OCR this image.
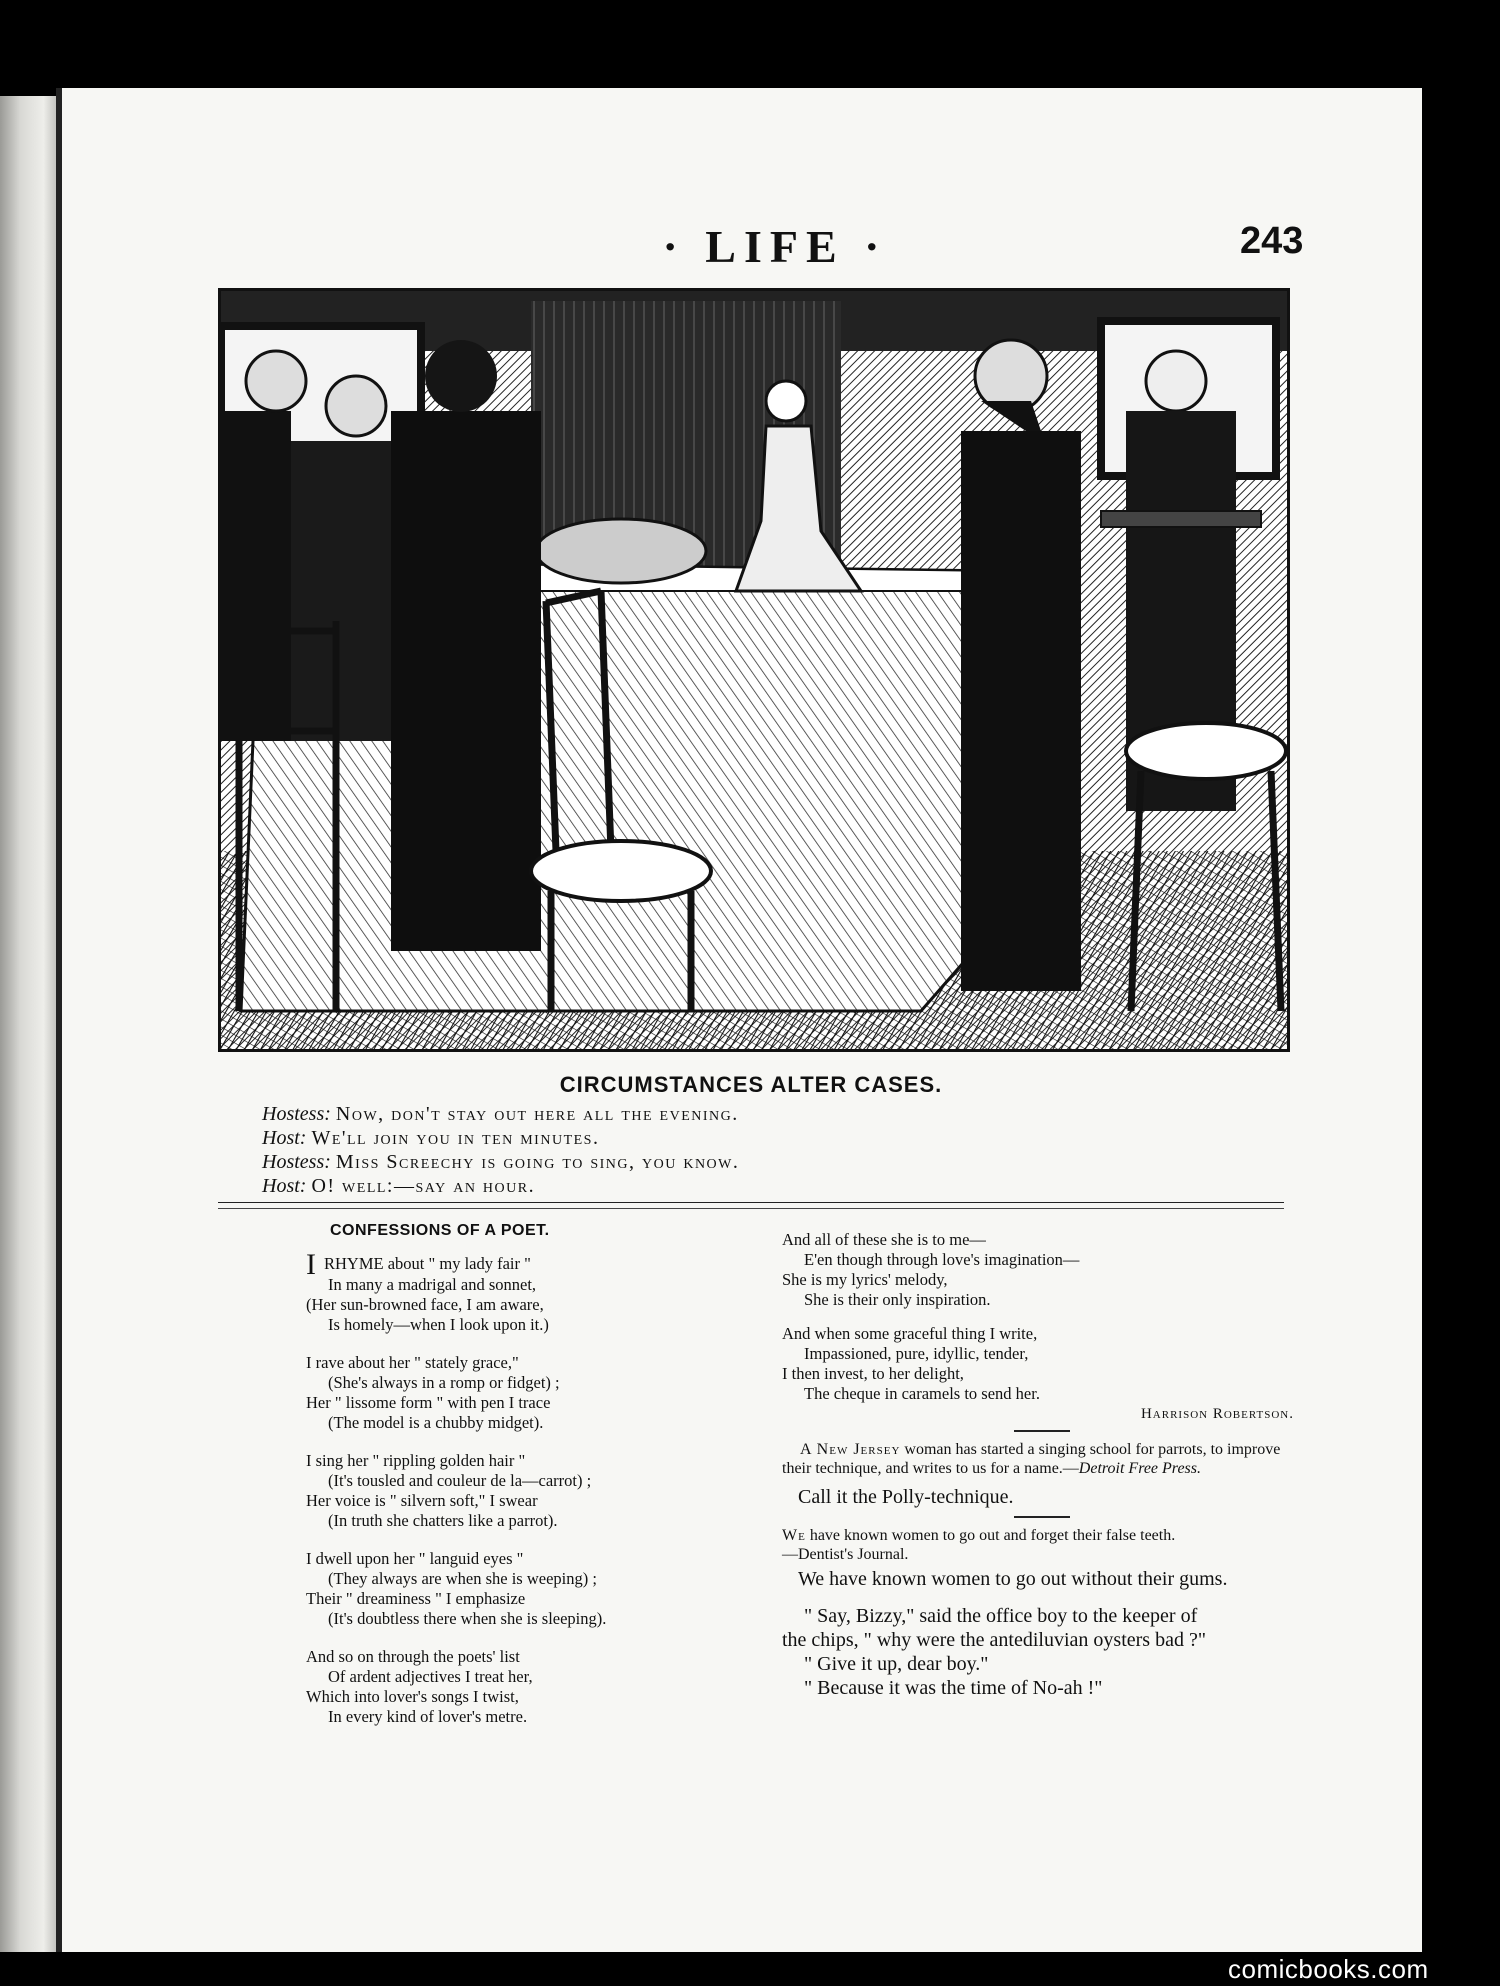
· LIFE ·	243
CIRCUMSTANCES ALTER CASES.
Hostess: Now, don't stay out here all the evening.
Host: We'll join you in ten minutes.
Hostess: Miss Screechy is going to sing, you know.
Host: O! well:—say an hour.
CONFESSIONS OF A POET.
IRHYME about " my lady fair "
In many a madrigal and sonnet,
(Her sun-browned face, I am aware,
Is homely—when I look upon it.)
I rave about her " stately grace,"
(She's always in a romp or fidget) ;
Her " lissome form " with pen I trace
(The model is a chubby midget).
I sing her " rippling golden hair "
(It's tousled and couleur de la—carrot) ;
Her voice is " silvern soft," I swear
(In truth she chatters like a parrot).
I dwell upon her " languid eyes "
(They always are when she is weeping) ;
Their " dreaminess " I emphasize
(It's doubtless there when she is sleeping).
And so on through the poets' list
Of ardent adjectives I treat her,
Which into lover's songs I twist,
In every kind of lover's metre.
And all of these she is to me—
E'en though through love's imagination—
She is my lyrics' melody,
She is their only inspiration.
And when some graceful thing I write,
Impassioned, pure, idyllic, tender,
I then invest, to her delight,
The cheque in caramels to send her.
Harrison Robertson.
A New Jersey woman has started a singing school for parrots, to improve their technique, and writes to us for a name.—Detroit Free Press.
Call it the Polly-technique.
We have known women to go out and forget their false teeth.
—Dentist's Journal.
We have known women to go out without their gums.
" Say, Bizzy," said the office boy to the keeper of
the chips, " why were the antediluvian oysters bad ?"
" Give it up, dear boy."
" Because it was the time of No-ah !"
comicbooks.com
